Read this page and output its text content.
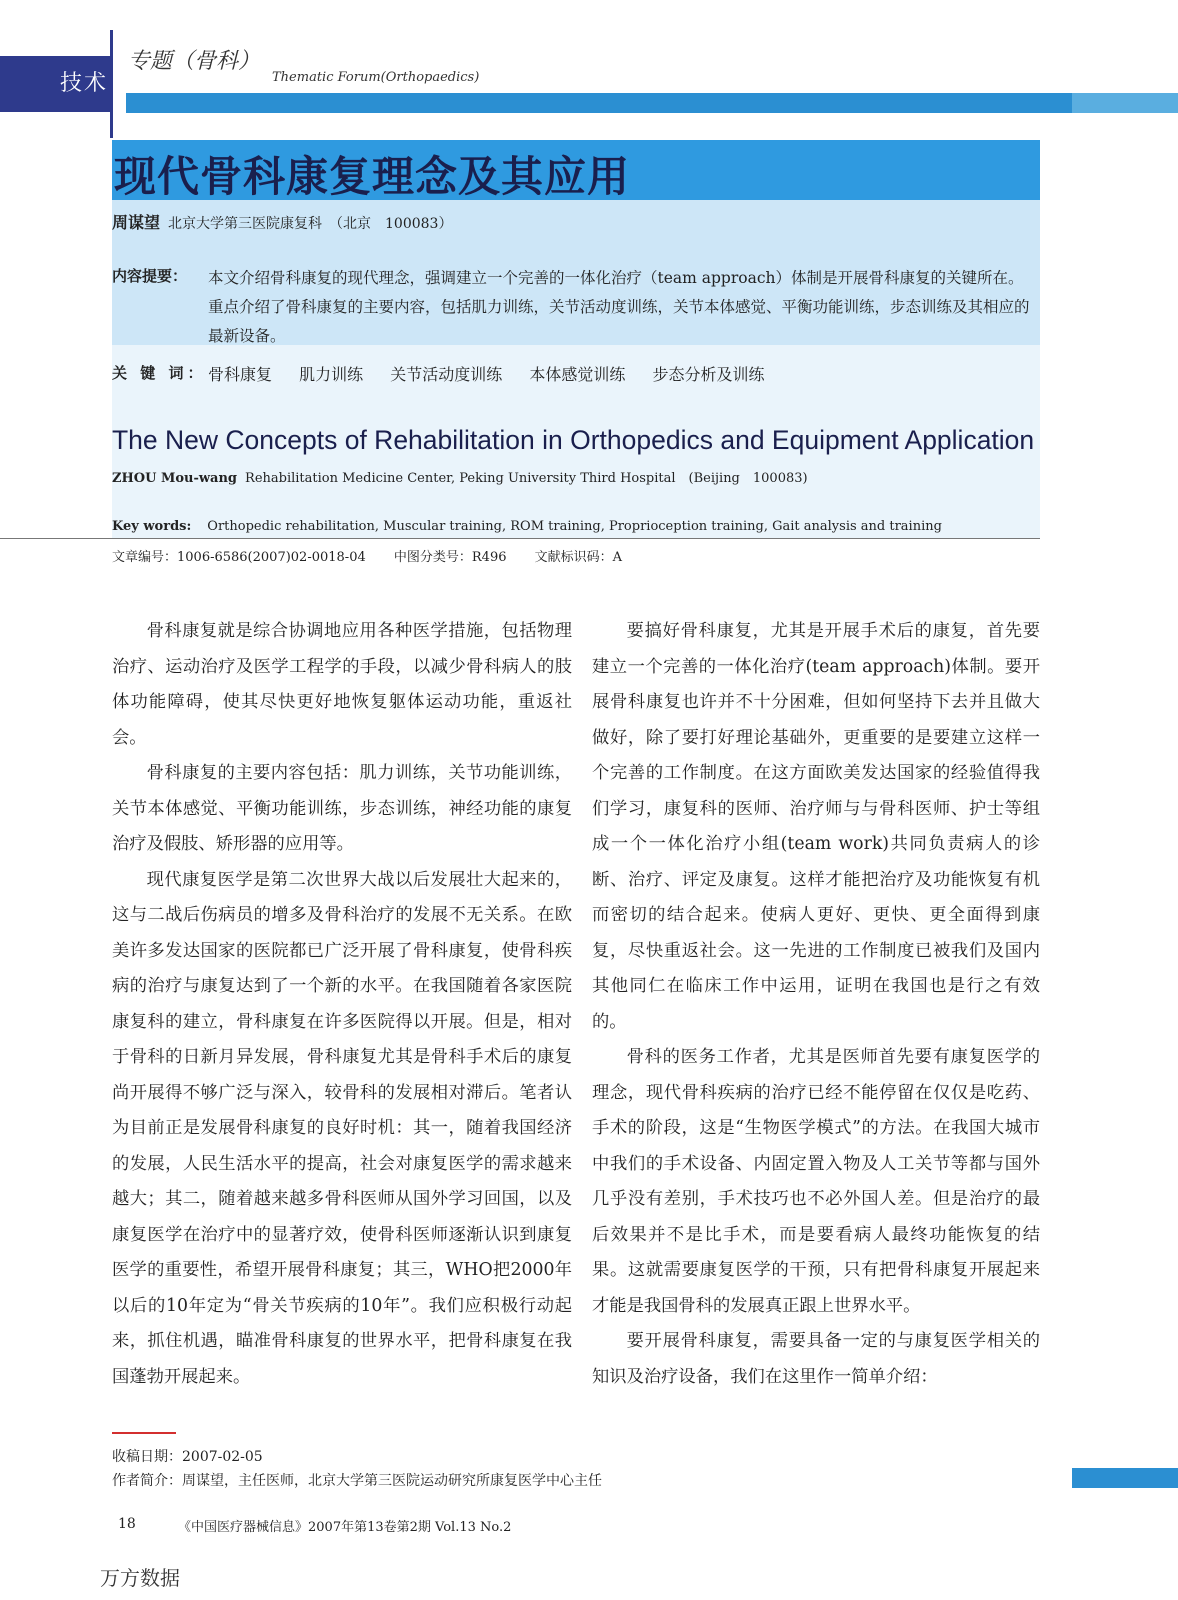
技术
专题（骨科）
Thematic Forum(Orthopaedics)
现代骨科康复理念及其应用
周谋望 北京大学第三医院康复科　（北京　100083）
内容提要： 本文介绍骨科康复的现代理念，强调建立一个完善的一体化治疗（team approach）体制是开展骨科康复的关键所在。重点介绍了骨科康复的主要内容，包括肌力训练，关节活动度训练，关节本体感觉、平衡功能训练，步态训练及其相应的最新设备。
关 键 词： 骨科康复 肌力训练 关节活动度训练 本体感觉训练 步态分析及训练
The New Concepts of Rehabilitation in Orthopedics and Equipment Application
ZHOU Mou-wang Rehabilitation Medicine Center, Peking University Third Hospital　(Beijing　100083)
Key words: Orthopedic rehabilitation, Muscular training, ROM training, Proprioception training, Gait analysis and training
文章编号：1006-6586(2007)02-0018-04 中图分类号：R496 文献标识码：A

骨科康复就是综合协调地应用各种医学措施，包括物理治疗、运动治疗及医学工程学的手段，以减少骨科病人的肢体功能障碍，使其尽快更好地恢复躯体运动功能，重返社会。

骨科康复的主要内容包括：肌力训练，关节功能训练，关节本体感觉、平衡功能训练，步态训练，神经功能的康复治疗及假肢、矫形器的应用等。

现代康复医学是第二次世界大战以后发展壮大起来的，这与二战后伤病员的增多及骨科治疗的发展不无关系。在欧美许多发达国家的医院都已广泛开展了骨科康复，使骨科疾病的治疗与康复达到了一个新的水平。在我国随着各家医院康复科的建立，骨科康复在许多医院得以开展。但是，相对于骨科的日新月异发展，骨科康复尤其是骨科手术后的康复尚开展得不够广泛与深入，较骨科的发展相对滞后。笔者认为目前正是发展骨科康复的良好时机：其一，随着我国经济的发展，人民生活水平的提高，社会对康复医学的需求越来越大；其二，随着越来越多骨科医师从国外学习回国，以及康复医学在治疗中的显著疗效，使骨科医师逐渐认识到康复医学的重要性，希望开展骨科康复；其三，WHO把2000年以后的10年定为“骨关节疾病的10年”。我们应积极行动起来，抓住机遇，瞄准骨科康复的世界水平，把骨科康复在我国蓬勃开展起来。

要搞好骨科康复，尤其是开展手术后的康复，首先要建立一个完善的一体化治疗(team approach)体制。要开展骨科康复也许并不十分困难，但如何坚持下去并且做大做好，除了要打好理论基础外，更重要的是要建立这样一个完善的工作制度。在这方面欧美发达国家的经验值得我们学习，康复科的医师、治疗师与与骨科医师、护士等组成一个一体化治疗小组(team work)共同负责病人的诊断、治疗、评定及康复。这样才能把治疗及功能恢复有机而密切的结合起来。使病人更好、更快、更全面得到康复，尽快重返社会。这一先进的工作制度已被我们及国内其他同仁在临床工作中运用，证明在我国也是行之有效的。

骨科的医务工作者，尤其是医师首先要有康复医学的理念，现代骨科疾病的治疗已经不能停留在仅仅是吃药、手术的阶段，这是“生物医学模式”的方法。在我国大城市中我们的手术设备、内固定置入物及人工关节等都与国外几乎没有差别，手术技巧也不必外国人差。但是治疗的最后效果并不是比手术，而是要看病人最终功能恢复的结果。这就需要康复医学的干预，只有把骨科康复开展起来才能是我国骨科的发展真正跟上世界水平。

要开展骨科康复，需要具备一定的与康复医学相关的知识及治疗设备，我们在这里作一简单介绍：

收稿日期：2007-02-05
作者简介：周谋望，主任医师，北京大学第三医院运动研究所康复医学中心主任
18	《中国医疗器械信息》2007年第13卷第2期 Vol.13 No.2
万方数据
